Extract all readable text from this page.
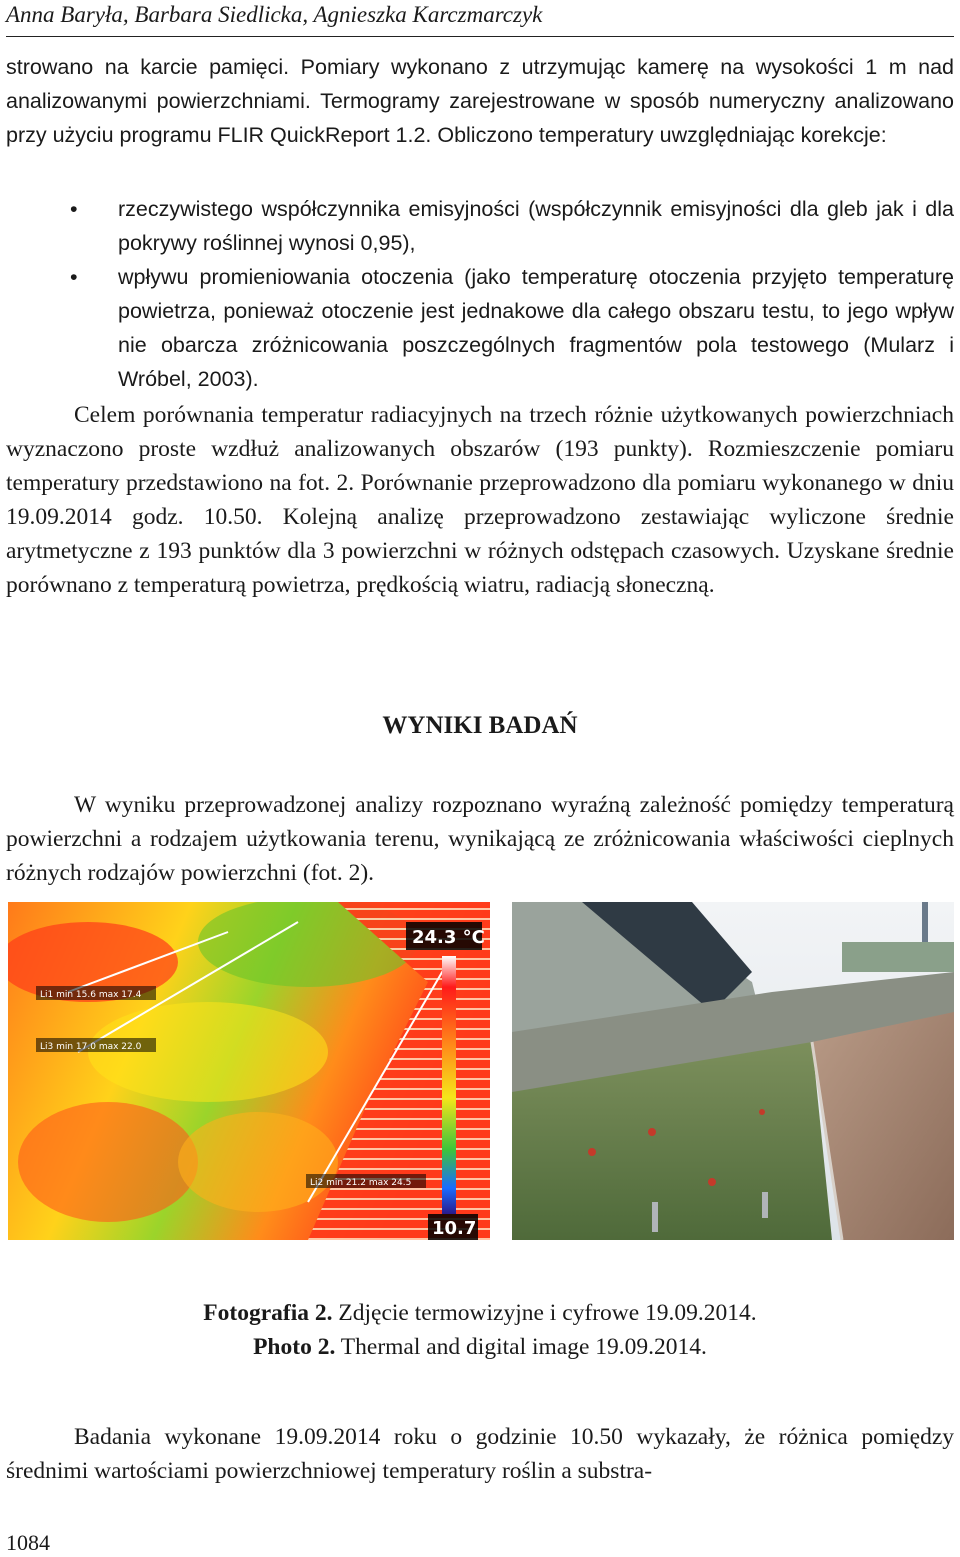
Anna Baryła, Barbara Siedlicka, Agnieszka Karczmarczyk
strowano na karcie pamięci. Pomiary wykonano z utrzymując kamerę na wysokości 1 m nad analizowanymi powierzchniami. Termogramy zarejestrowane w sposób numeryczny analizowano przy użyciu programu FLIR QuickReport 1.2. Obliczono temperatury uwzględniając korekcje:
• rzeczywistego współczynnika emisyjności (współczynnik emisyjności dla gleb jak i dla pokrywy roślinnej wynosi 0,95),
• wpływu promieniowania otoczenia (jako temperaturę otoczenia przyjęto temperaturę powietrza, ponieważ otoczenie jest jednakowe dla całego obszaru testu, to jego wpływ nie obarcza zróżnicowania poszczególnych fragmentów pola testowego (Mularz i Wróbel, 2003).
Celem porównania temperatur radiacyjnych na trzech różnie użytkowanych powierzchniach wyznaczono proste wzdłuż analizowanych obszarów (193 punkty). Rozmieszczenie pomiaru temperatury przedstawiono na fot. 2. Porównanie przeprowadzono dla pomiaru wykonanego w dniu 19.09.2014 godz. 10.50. Kolejną analizę przeprowadzono zestawiając wyliczone średnie arytmetyczne z 193 punktów dla 3 powierzchni w różnych odstępach czasowych. Uzyskane średnie porównano z temperaturą powietrza, prędkością wiatru, radiacją słoneczną.
WYNIKI BADAŃ
W wyniku przeprowadzonej analizy rozpoznano wyraźną zależność pomiędzy temperaturą powierzchni a rodzajem użytkowania terenu, wynikającą ze zróżnicowania właściwości cieplnych różnych rodzajów powierzchni (fot. 2).
Li1 min 15.6 max 17.4
Li3 min 17.0 max 22.0
Li2 min 21.2 max 24.5
24.3 °C
10.7
Fotografia 2. Zdjęcie termowizyjne i cyfrowe 19.09.2014.
Photo 2. Thermal and digital image 19.09.2014.
Badania wykonane 19.09.2014 roku o godzinie 10.50 wykazały, że różnica pomiędzy średnimi wartościami powierzchniowej temperatury roślin a substra-
1084
